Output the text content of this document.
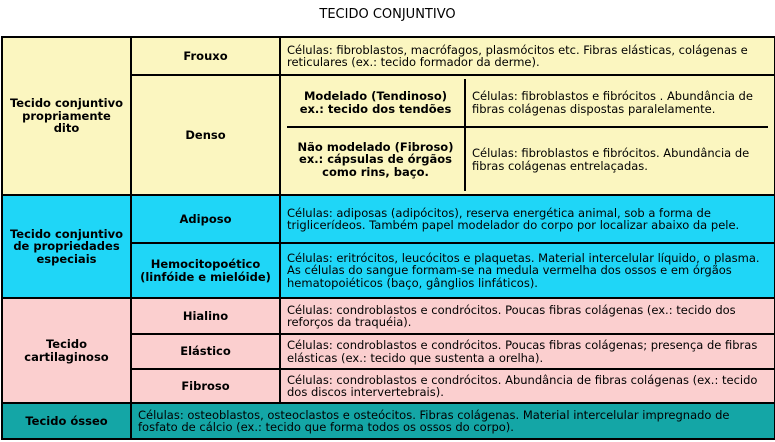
TECIDO CONJUNTIVO
Tecido conjuntivo propriamente dito	Frouxo	Células: fibroblastos, macrófagos, plasmócitos etc. Fibras elásticas, colágenas e reticulares (ex.: tecido formador da derme).
Denso	
Modelado (Tendinoso) ex.: tecido dos tendões	Células: fibroblastos e fibrócitos . Abundância de fibras colágenas dispostas paralelamente.
Não modelado (Fibroso) ex.: cápsulas de órgãos como rins, baço.	Células: fibroblastos e fibrócitos. Abundância de fibras colágenas entrelaçadas.

Tecido conjuntivo de propriedades especiais	Adiposo	Células: adiposas (adipócitos), reserva energética animal, sob a forma de triglicerídeos. Também papel modelador do corpo por localizar abaixo da pele.
Hemocitopoético (linfóide e mielóide)	Células: eritrócitos, leucócitos e plaquetas. Material intercelular líquido, o plasma. As células do sangue formam-se na medula vermelha dos ossos e em órgãos hematopoiéticos (baço, gânglios linfáticos).
Tecido cartilaginoso	Hialino	Células: condroblastos e condrócitos. Poucas fibras colágenas (ex.: tecido dos reforços da traquéia).
Elástico	Células: condroblastos e condrócitos. Poucas fibras colágenas; presença de fibras elásticas (ex.: tecido que sustenta a orelha).
Fibroso	Células: condroblastos e condrócitos. Abundância de fibras colágenas (ex.: tecido dos discos intervertebrais).
Tecido ósseo	Células: osteoblastos, osteoclastos e osteócitos. Fibras colágenas. Material intercelular impregnado de fosfato de cálcio (ex.: tecido que forma todos os ossos do corpo).
